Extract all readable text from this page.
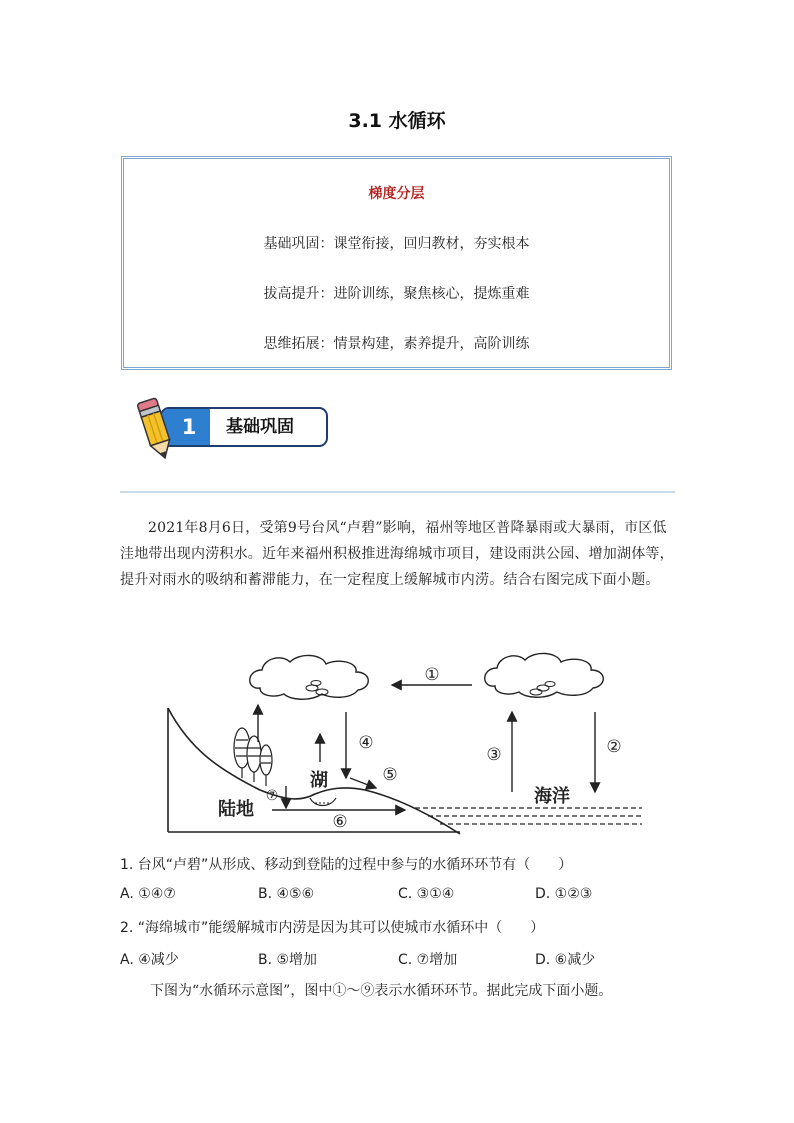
3.1 水循环
梯度分层
基础巩固：课堂衔接，回归教材，夯实根本
拔高提升：进阶训练，聚焦核心，提炼重难
思维拓展：情景构建，素养提升，高阶训练
1	基础巩固
2021年8月6日，受第9号台风“卢碧”影响，福州等地区普降暴雨或大暴雨，市区低洼地带出现内涝积水。近年来福州积极推进海绵城市项目，建设雨洪公园、增加湖体等，提升对雨水的吸纳和蓄滞能力，在一定程度上缓解城市内涝。结合右图完成下面小题。
①
②
③
④
⑤
⑥
⑦
陆地
湖
海洋
1. 台风“卢碧”从形成、移动到登陆的过程中参与的水循环环节有（　　）
A. ①④⑦	B. ④⑤⑥	C. ③①④	D. ①②③
2. “海绵城市”能缓解城市内涝是因为其可以使城市水循环中（　　）
A. ④减少	B. ⑤增加	C. ⑦增加	D. ⑥减少
下图为“水循环示意图”，图中①～⑨表示水循环环节。据此完成下面小题。
